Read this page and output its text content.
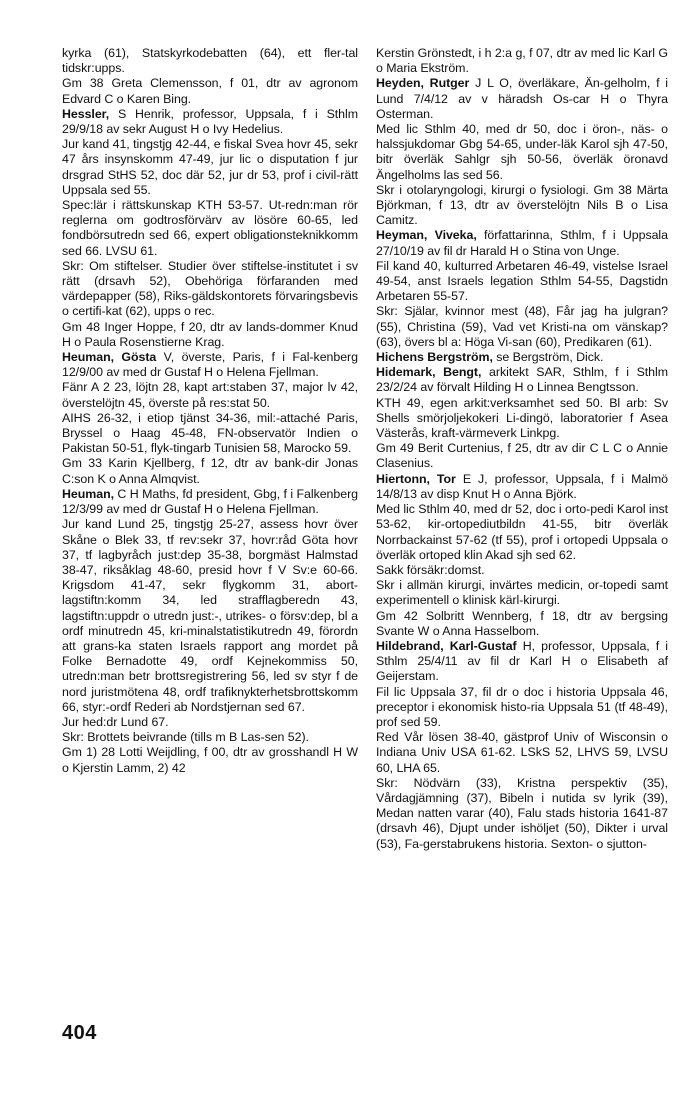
kyrka (61), Statskyrkodebatten (64), ett fler-tal tidskr:upps.

Gm 38 Greta Clemensson, f 01, dtr av agronom Edvard C o Karen Bing.

Hessler, S Henrik, professor, Uppsala, f i Sthlm 29/9/18 av sekr August H o Ivy Hedelius.

Jur kand 41, tingstjg 42-44, e fiskal Svea hovr 45, sekr 47 års insynskomm 47-49, jur lic o disputation f jur drsgrad StHS 52, doc där 52, jur dr 53, prof i civil-rätt Uppsala sed 55.

Spec:lär i rättskunskap KTH 53-57. Ut-redn:man rör reglerna om godtrosförvärv av lösöre 60-65, led fondbörsutredn sed 66, expert obligationsteknikkomm sed 66. LVSU 61.

Skr: Om stiftelser. Studier över stiftelse-institutet i sv rätt (drsavh 52), Obehöriga förfaranden med värdepapper (58), Riks-gäldskontorets förvaringsbevis o certifi-kat (62), upps o rec.

Gm 48 Inger Hoppe, f 20, dtr av lands-dommer Knud H o Paula Rosenstierne Krag.

Heuman, Gösta V, överste, Paris, f i Fal-kenberg 12/9/00 av med dr Gustaf H o Helena Fjellman.

Fänr A 2 23, löjtn 28, kapt art:staben 37, major lv 42, överstelöjtn 45, överste på res:stat 50.

AIHS 26-32, i etiop tjänst 34-36, mil:-attaché Paris, Bryssel o Haag 45-48, FN-observatör Indien o Pakistan 50-51, flyk-tingarb Tunisien 58, Marocko 59.

Gm 33 Karin Kjellberg, f 12, dtr av bank-dir Jonas C:son K o Anna Almqvist.

Heuman, C H Maths, fd president, Gbg, f i Falkenberg 12/3/99 av med dr Gustaf H o Helena Fjellman.

Jur kand Lund 25, tingstjg 25-27, assess hovr över Skåne o Blek 33, tf rev:sekr 37, hovr:råd Göta hovr 37, tf lagbyråch just:dep 35-38, borgmäst Halmstad 38-47, riksåklag 48-60, presid hovr f V Sv:e 60-66. Krigsdom 41-47, sekr flygkomm 31, abort-lagstiftn:komm 34, led strafflagberedn 43, lagstiftn:uppdr o utredn just:-, utrikes- o försv:dep, bl a ordf minutredn 45, kri-minalstatistikutredn 49, förordn att grans-ka staten Israels rapport ang mordet på Folke Bernadotte 49, ordf Kejnekommiss 50, utredn:man betr brottsregistrering 56, led sv styr f de nord juristmötena 48, ordf trafiknykterhetsbrottskomm 66, styr:-ordf Rederi ab Nordstjernan sed 67.

Jur hed:dr Lund 67.

Skr: Brottets beivrande (tills m B Las-sen 52).

Gm 1) 28 Lotti Weijdling, f 00, dtr av grosshandl H W o Kjerstin Lamm, 2) 42

Kerstin Grönstedt, i h 2:a g, f 07, dtr av med lic Karl G o Maria Ekström.

Heyden, Rutger J L O, överläkare, Än-gelholm, f i Lund 7/4/12 av v häradsh Os-car H o Thyra Osterman.

Med lic Sthlm 40, med dr 50, doc i öron-, näs- o halssjukdomar Gbg 54-65, under-läk Karol sjh 47-50, bitr överläk Sahlgr sjh 50-56, överläk öronavd Ängelholms las sed 56.

Skr i otolaryngologi, kirurgi o fysiologi. Gm 38 Märta Björkman, f 13, dtr av överstelöjtn Nils B o Lisa Camitz.

Heyman, Viveka, författarinna, Sthlm, f i Uppsala 27/10/19 av fil dr Harald H o Stina von Unge.

Fil kand 40, kulturred Arbetaren 46-49, vistelse Israel 49-54, anst Israels legation Sthlm 54-55, Dagstidn Arbetaren 55-57.

Skr: Själar, kvinnor mest (48), Får jag ha julgran? (55), Christina (59), Vad vet Kristi-na om vänskap? (63), övers bl a: Höga Vi-san (60), Predikaren (61).

Hichens Bergström, se Bergström, Dick.

Hidemark, Bengt, arkitekt SAR, Sthlm, f i Sthlm 23/2/24 av förvalt Hilding H o Linnea Bengtsson.

KTH 49, egen arkit:verksamhet sed 50. Bl arb: Sv Shells smörjoljekokeri Li-dingö, laboratorier f Asea Västerås, kraft-värmeverk Linkpg.

Gm 49 Berit Curtenius, f 25, dtr av dir C L C o Annie Clasenius.

Hiertonn, Tor E J, professor, Uppsala, f i Malmö 14/8/13 av disp Knut H o Anna Björk.

Med lic Sthlm 40, med dr 52, doc i orto-pedi Karol inst 53-62, kir-ortopediutbildn 41-55, bitr överläk Norrbackainst 57-62 (tf 55), prof i ortopedi Uppsala o överläk ortoped klin Akad sjh sed 62.

Sakk försäkr:domst.

Skr i allmän kirurgi, invärtes medicin, or-topedi samt experimentell o klinisk kärl-kirurgi.

Gm 42 Solbritt Wennberg, f 18, dtr av bergsing Svante W o Anna Hasselbom.

Hildebrand, Karl-Gustaf H, professor, Uppsala, f i Sthlm 25/4/11 av fil dr Karl H o Elisabeth af Geijerstam.

Fil lic Uppsala 37, fil dr o doc i historia Uppsala 46, preceptor i ekonomisk histo-ria Uppsala 51 (tf 48-49), prof sed 59.

Red Vår lösen 38-40, gästprof Univ of Wisconsin o Indiana Univ USA 61-62. LSkS 52, LHVS 59, LVSU 60, LHA 65.

Skr: Nödvärn (33), Kristna perspektiv (35), Vårdagjämning (37), Bibeln i nutida sv lyrik (39), Medan natten varar (40), Falu stads historia 1641-87 (drsavh 46), Djupt under ishöljet (50), Dikter i urval (53), Fa-gerstabrukens historia. Sexton- o sjutton-

404
